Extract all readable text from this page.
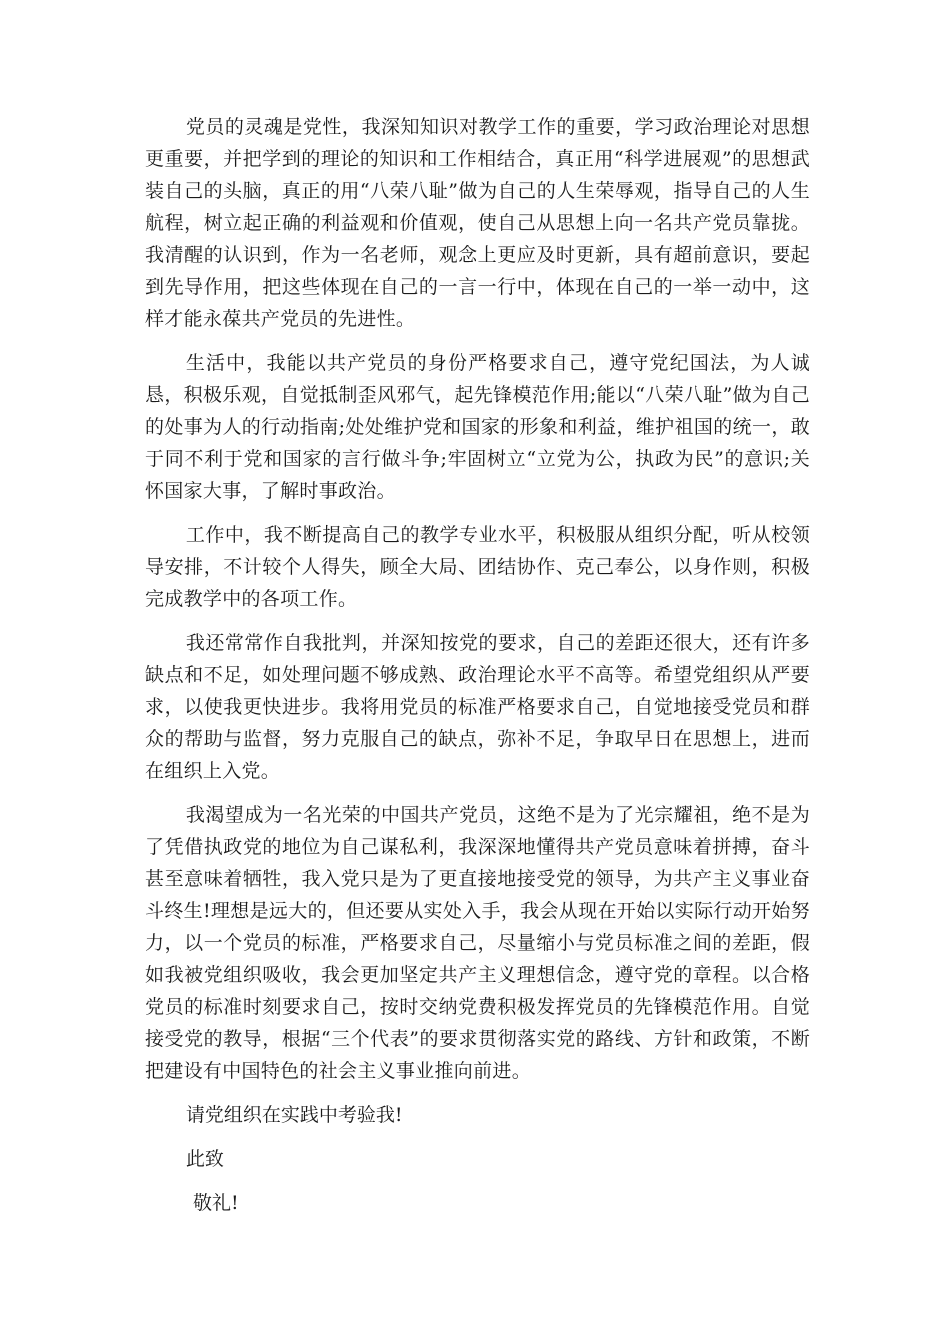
党员的灵魂是党性，我深知知识对教学工作的重要，学习政治理论对思想更重要，并把学到的理论的知识和工作相结合，真正用“科学进展观”的思想武装自己的头脑，真正的用“八荣八耻”做为自己的人生荣辱观，指导自己的人生航程，树立起正确的利益观和价值观，使自己从思想上向一名共产党员靠拢。我清醒的认识到，作为一名老师，观念上更应及时更新，具有超前意识，要起到先导作用，把这些体现在自己的一言一行中，体现在自己的一举一动中，这样才能永葆共产党员的先进性。

生活中，我能以共产党员的身份严格要求自己，遵守党纪国法，为人诚恳，积极乐观，自觉抵制歪风邪气，起先锋模范作用;能以“八荣八耻”做为自己的处事为人的行动指南;处处维护党和国家的形象和利益，维护祖国的统一，敢于同不利于党和国家的言行做斗争;牢固树立“立党为公，执政为民”的意识;关怀国家大事，了解时事政治。

工作中，我不断提高自己的教学专业水平，积极服从组织分配，听从校领导安排，不计较个人得失，顾全大局、团结协作、克己奉公，以身作则，积极完成教学中的各项工作。

我还常常作自我批判，并深知按党的要求，自己的差距还很大，还有许多缺点和不足，如处理问题不够成熟、政治理论水平不高等。希望党组织从严要求，以使我更快进步。我将用党员的标准严格要求自己，自觉地接受党员和群众的帮助与监督，努力克服自己的缺点，弥补不足，争取早日在思想上，进而在组织上入党。

我渴望成为一名光荣的中国共产党员，这绝不是为了光宗耀祖，绝不是为了凭借执政党的地位为自己谋私利，我深深地懂得共产党员意味着拼搏，奋斗甚至意味着牺牲，我入党只是为了更直接地接受党的领导，为共产主义事业奋斗终生!理想是远大的，但还要从实处入手，我会从现在开始以实际行动开始努力，以一个党员的标准，严格要求自己，尽量缩小与党员标准之间的差距，假如我被党组织吸收，我会更加坚定共产主义理想信念，遵守党的章程。以合格党员的标准时刻要求自己，按时交纳党费积极发挥党员的先锋模范作用。自觉接受党的教导，根据“三个代表”的要求贯彻落实党的路线、方针和政策，不断把建设有中国特色的社会主义事业推向前进。

请党组织在实践中考验我!

此致

敬礼!
